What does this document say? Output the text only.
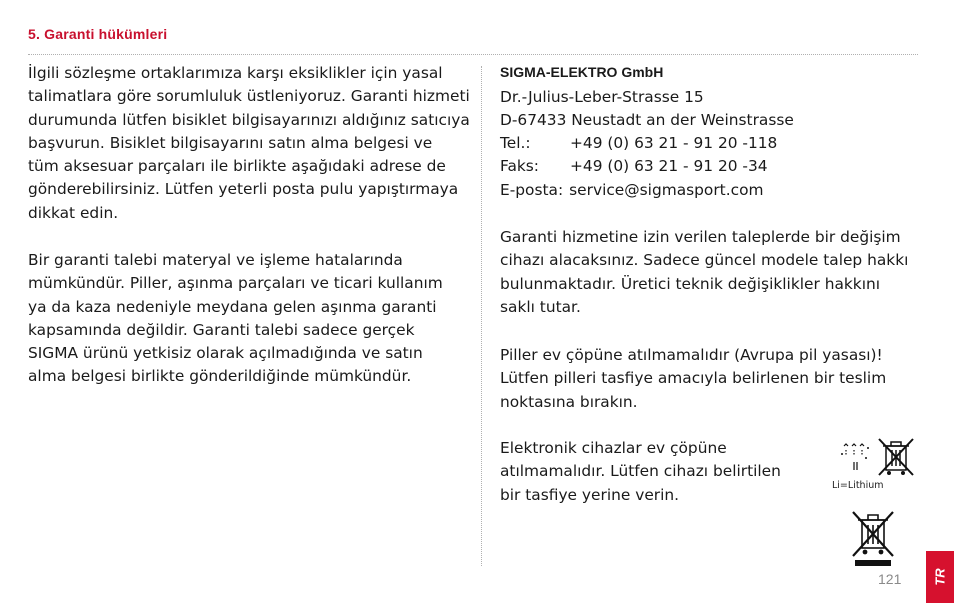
5. Garanti hükümleri

İlgili sözleşme ortaklarımıza karşı eksiklikler için yasal
talimatlara göre sorumluluk üstleniyoruz. Garanti hizmeti
durumunda lütfen bisiklet bilgisayarınızı aldığınız satıcıya
başvurun. Bisiklet bilgisayarını satın alma belgesi ve
tüm aksesuar parçaları ile birlikte aşağıdaki adrese de
gönderebilirsiniz. Lütfen yeterli posta pulu yapıştırmaya
dikkat edin.

Bir garanti talebi materyal ve işleme hatalarında
mümkündür. Piller, aşınma parçaları ve ticari kullanım
ya da kaza nedeniyle meydana gelen aşınma garanti
kapsamında değildir. Garanti talebi sadece gerçek
SIGMA ürünü yetkisiz olarak açılmadığında ve satın
alma belgesi birlikte gönderildiğinde mümkündür.

SIGMA-ELEKTRO GmbH
Dr.-Julius-Leber-Strasse 15
D-67433 Neustadt an der Weinstrasse
Tel.:	+49 (0) 63 21 - 91 20 -118
Faks: +49 (0) 63 21 - 91 20 -34
E-posta: service@sigmasport.com

Garanti hizmetine izin verilen taleplerde bir değişim
cihazı alacaksınız. Sadece güncel modele talep hakkı
bulunmaktadır. Üretici teknik değişiklikler hakkını
saklı tutar.

Piller ev çöpüne atılmamalıdır (Avrupa pil yasası)!
Lütfen pilleri tasfiye amacıyla belirlenen bir teslim
noktasına bırakın.

Elektronik cihazlar ev çöpüne
atılmamalıdır. Lütfen cihazı belirtilen
bir tasfiye yerine verin.

Li=Lithium
121 TR
